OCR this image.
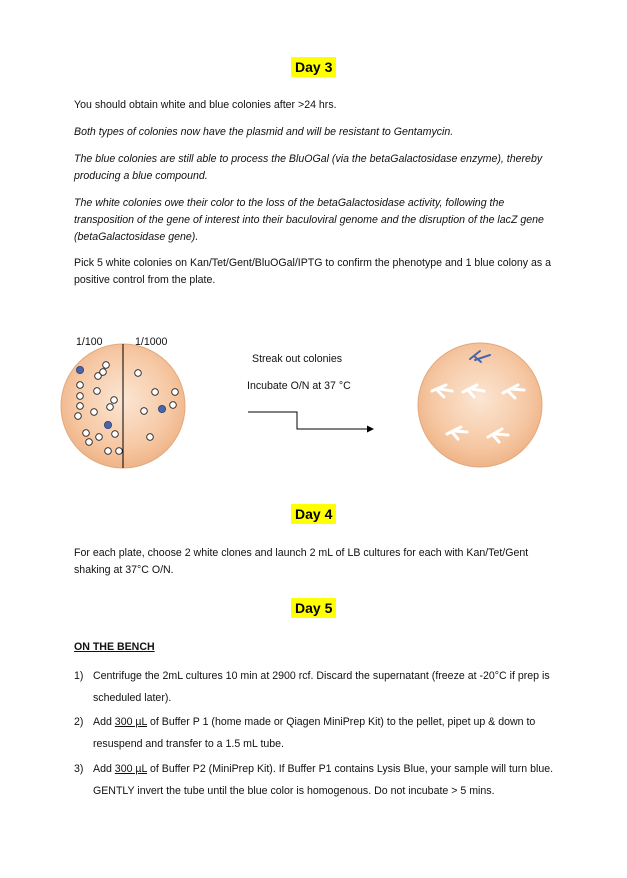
Day 3
You should obtain white and blue colonies after >24 hrs.
Both types of colonies now have the plasmid and will be resistant to Gentamycin.
The blue colonies are still able to process the BluOGal (via the betaGalactosidase enzyme), thereby producing a blue compound.
The white colonies owe their color to the loss of the betaGalactosidase activity, following the transposition of the gene of interest into their baculoviral genome and the disruption of the lacZ gene (betaGalactosidase gene).
Pick 5 white colonies on Kan/Tet/Gent/BluOGal/IPTG to confirm the phenotype and 1 blue colony as a positive control from the plate.
1/100	1/1000
Streak out colonies
Incubate O/N at 37 °C
Day 4
For each plate, choose 2 white clones and launch 2 mL of LB cultures for each with Kan/Tet/Gent shaking at 37°C O/N.
Day 5
ON THE BENCH
1) Centrifuge the 2mL cultures 10 min at 2900 rcf. Discard the supernatant (freeze at -20°C if prep is scheduled later).
2) Add 300 µL of Buffer P 1 (home made or Qiagen MiniPrep Kit) to the pellet, pipet up & down to resuspend and transfer to a 1.5 mL tube.
3) Add 300 µL of Buffer P2 (MiniPrep Kit). If Buffer P1 contains Lysis Blue, your sample will turn blue. GENTLY invert the tube until the blue color is homogenous. Do not incubate > 5 mins.
